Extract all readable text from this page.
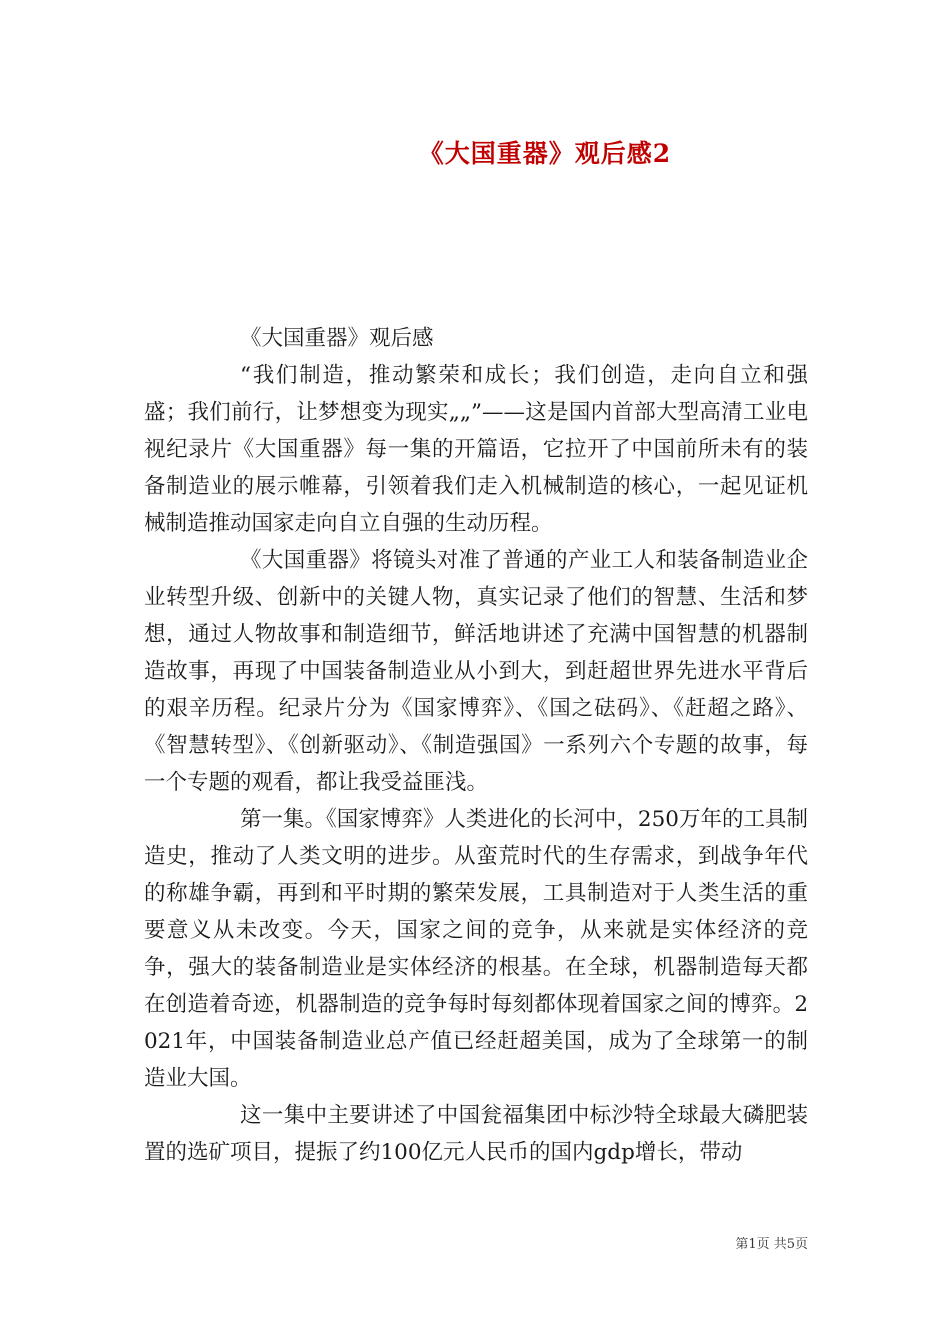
《大国重器》观后感2

《大国重器》观后感

“我们制造，推动繁荣和成长；我们创造，走向自立和强盛；我们前行，让梦想变为现实„„”——这是国内首部大型高清工业电视纪录片《大国重器》每一集的开篇语，它拉开了中国前所未有的装备制造业的展示帷幕，引领着我们走入机械制造的核心，一起见证机械制造推动国家走向自立自强的生动历程。

《大国重器》将镜头对准了普通的产业工人和装备制造业企业转型升级、创新中的关键人物，真实记录了他们的智慧、生活和梦想，通过人物故事和制造细节，鲜活地讲述了充满中国智慧的机器制造故事，再现了中国装备制造业从小到大，到赶超世界先进水平背后的艰辛历程。纪录片分为《国家博弈》、《国之砝码》、《赶超之路》、《智慧转型》、《创新驱动》、《制造强国》一系列六个专题的故事，每一个专题的观看，都让我受益匪浅。

第一集。《国家博弈》人类进化的长河中，250万年的工具制造史，推动了人类文明的进步。从蛮荒时代的生存需求，到战争年代的称雄争霸，再到和平时期的繁荣发展，工具制造对于人类生活的重要意义从未改变。今天，国家之间的竞争，从来就是实体经济的竞争，强大的装备制造业是实体经济的根基。在全球，机器制造每天都在创造着奇迹，机器制造的竞争每时每刻都体现着国家之间的博弈。2021年，中国装备制造业总产值已经赶超美国，成为了全球第一的制造业大国。

这一集中主要讲述了中国瓮福集团中标沙特全球最大磷肥装置的选矿项目，提振了约100亿元人民币的国内gdp增长，带动

第1页 共5页
